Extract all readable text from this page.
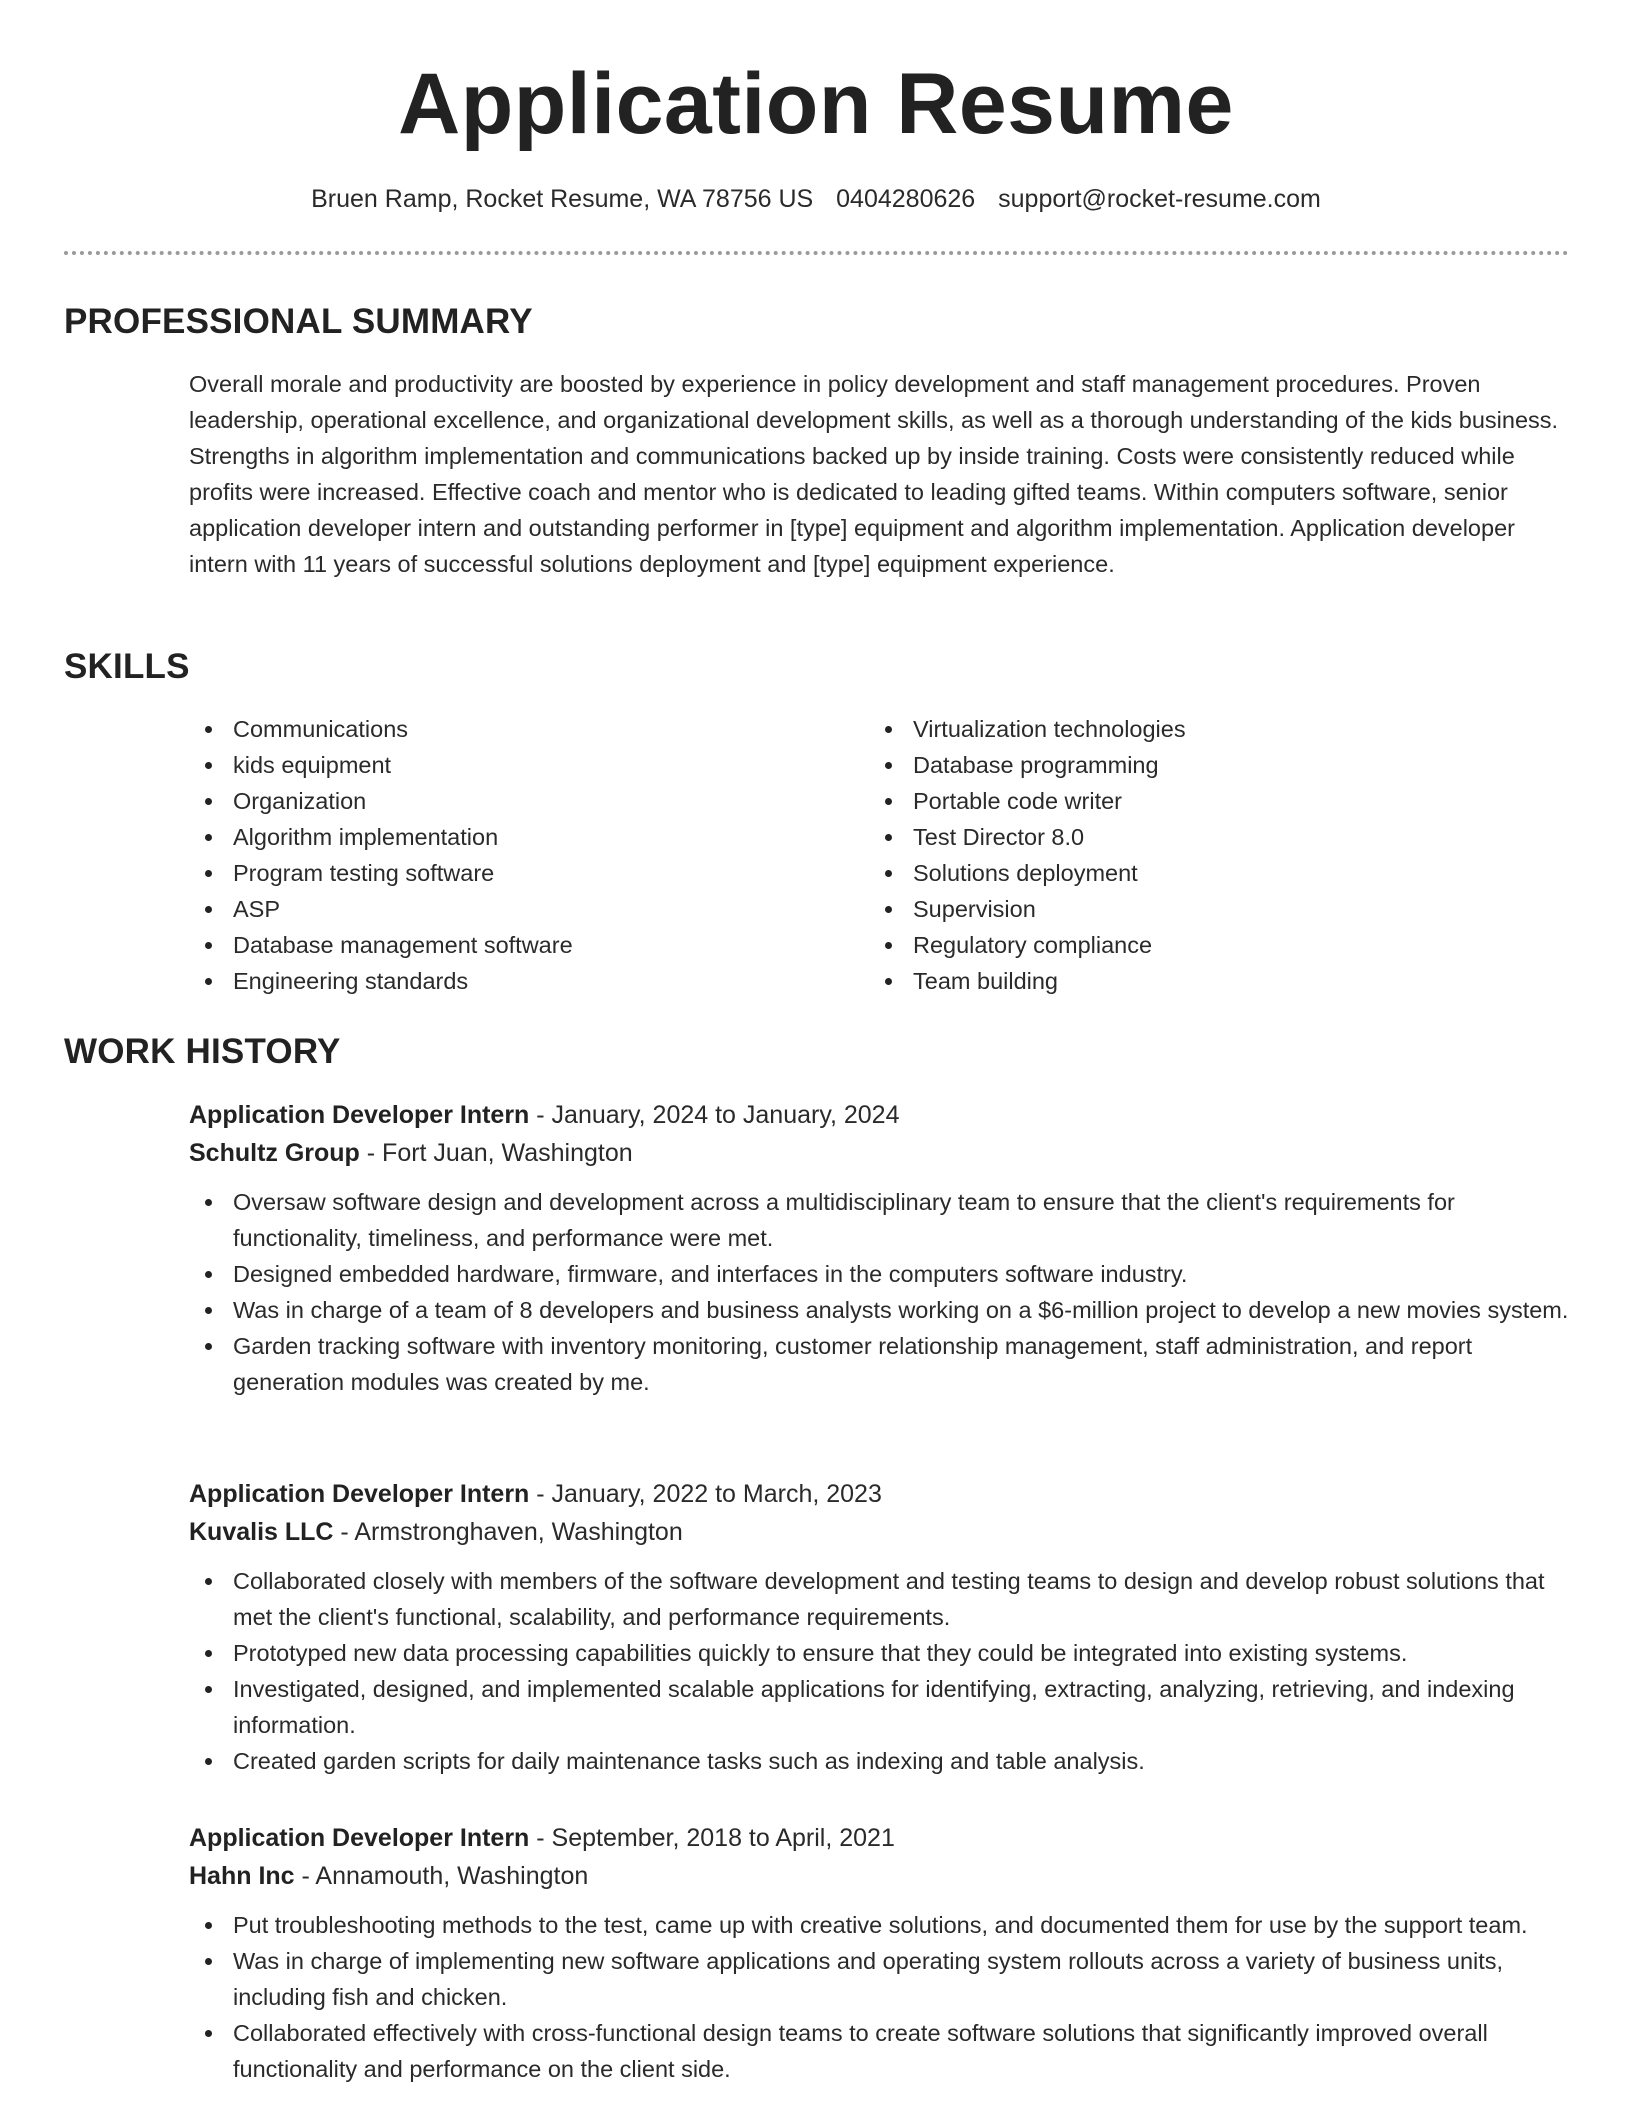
Application Resume
Bruen Ramp, Rocket Resume, WA 78756 US 0404280626 support@rocket-resume.com
PROFESSIONAL SUMMARY
Overall morale and productivity are boosted by experience in policy development and staff management procedures. Proven leadership, operational excellence, and organizational development skills, as well as a thorough understanding of the kids business. Strengths in algorithm implementation and communications backed up by inside training. Costs were consistently reduced while profits were increased. Effective coach and mentor who is dedicated to leading gifted teams. Within computers software, senior application developer intern and outstanding performer in [type] equipment and algorithm implementation. Application developer intern with 11 years of successful solutions deployment and [type] equipment experience.
SKILLS
Communications
kids equipment
Organization
Algorithm implementation
Program testing software
ASP
Database management software
Engineering standards
Virtualization technologies
Database programming
Portable code writer
Test Director 8.0
Solutions deployment
Supervision
Regulatory compliance
Team building
WORK HISTORY
Application Developer Intern - January, 2024 to January, 2024
Schultz Group - Fort Juan, Washington
Oversaw software design and development across a multidisciplinary team to ensure that the client's requirements for functionality, timeliness, and performance were met.
Designed embedded hardware, firmware, and interfaces in the computers software industry.
Was in charge of a team of 8 developers and business analysts working on a $6-million project to develop a new movies system.
Garden tracking software with inventory monitoring, customer relationship management, staff administration, and report generation modules was created by me.
Application Developer Intern - January, 2022 to March, 2023
Kuvalis LLC - Armstronghaven, Washington
Collaborated closely with members of the software development and testing teams to design and develop robust solutions that met the client's functional, scalability, and performance requirements.
Prototyped new data processing capabilities quickly to ensure that they could be integrated into existing systems.
Investigated, designed, and implemented scalable applications for identifying, extracting, analyzing, retrieving, and indexing information.
Created garden scripts for daily maintenance tasks such as indexing and table analysis.
Application Developer Intern - September, 2018 to April, 2021
Hahn Inc - Annamouth, Washington
Put troubleshooting methods to the test, came up with creative solutions, and documented them for use by the support team.
Was in charge of implementing new software applications and operating system rollouts across a variety of business units, including fish and chicken.
Collaborated effectively with cross-functional design teams to create software solutions that significantly improved overall functionality and performance on the client side.
